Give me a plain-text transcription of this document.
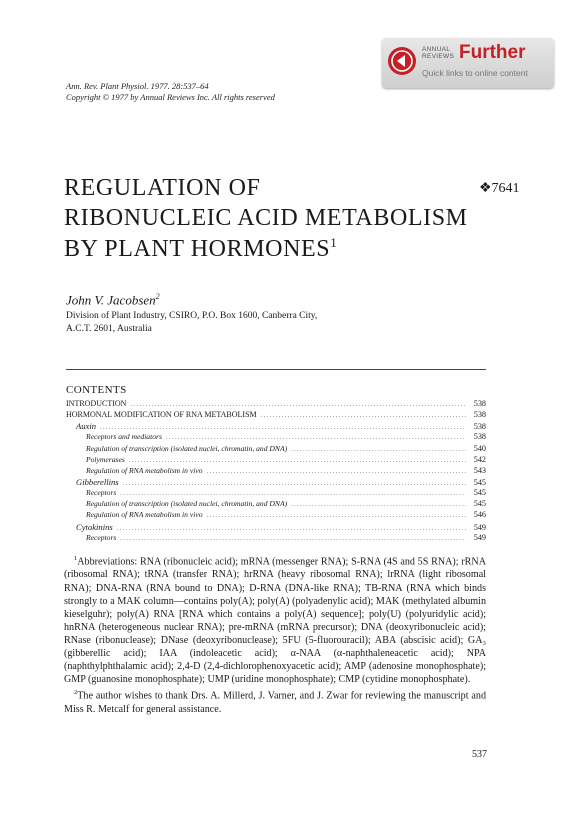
ANNUAL
REVIEWS Further
Quick links to online content
Ann. Rev. Plant Physiol. 1977. 28:537–64
Copyright © 1977 by Annual Reviews Inc. All rights reserved
REGULATION OF
RIBONUCLEIC ACID METABOLISM
BY PLANT HORMONES$^1$
❖7641
John V. Jacobsen$^2$
Division of Plant Industry, CSIRO, P.O. Box 1600, Canberra City,
A.C.T. 2601, Australia
CONTENTS
INTRODUCTION .....	538
HORMONAL MODIFICATION OF RNA METABOLISM .....	538
Auxin .....	538
Receptors and mediators .....	538
Regulation of transcription (isolated nuclei, chromatin, and DNA) .....	540
Polymerases .....	542
Regulation of RNA metabolism in vivo .....	543
Gibberellins .....	545
Receptors .....	545
Regulation of transcription (isolated nuclei, chromatin, and DNA) .....	545
Regulation of RNA metabolism in vivo .....	546
Cytokinins .....	549
Receptors .....	549

$^1$Abbreviations: RNA (ribonucleic acid); mRNA (messenger RNA); S-RNA (4S and 5S RNA); rRNA (ribosomal RNA); tRNA (transfer RNA); hrRNA (heavy ribosomal RNA); lrRNA (light ribosomal RNA); DNA-RNA (RNA bound to DNA); D-RNA (DNA-like RNA); TB-RNA (RNA which binds strongly to a MAK column—contains poly(A); poly(A) (polyadenylic acid); MAK (methylated albumin kieselguhr); poly(A) RNA [RNA which contains a poly(A) sequence]; poly(U) (polyuridylic acid); hnRNA (heterogeneous nuclear RNA); pre-mRNA (mRNA precursor); DNA (deoxyribonucleic acid); RNase (ribonuclease); DNase (deoxyribonuclease); 5FU (5-fluorouracil); ABA (abscisic acid); GA₃ (gibberellic acid); IAA (indoleacetic acid); α-NAA (α-naphthaleneacetic acid); NPA (naphthylphthalamic acid); 2,4-D (2,4-dichlorophenoxyacetic acid); AMP (adenosine monophosphate); GMP (guanosine monophosphate); UMP (uridine monophosphate); CMP (cytidine monophosphate).

$^2$The author wishes to thank Drs. A. Millerd, J. Varner, and J. Zwar for reviewing the manuscript and Miss R. Metcalf for general assistance.

537
